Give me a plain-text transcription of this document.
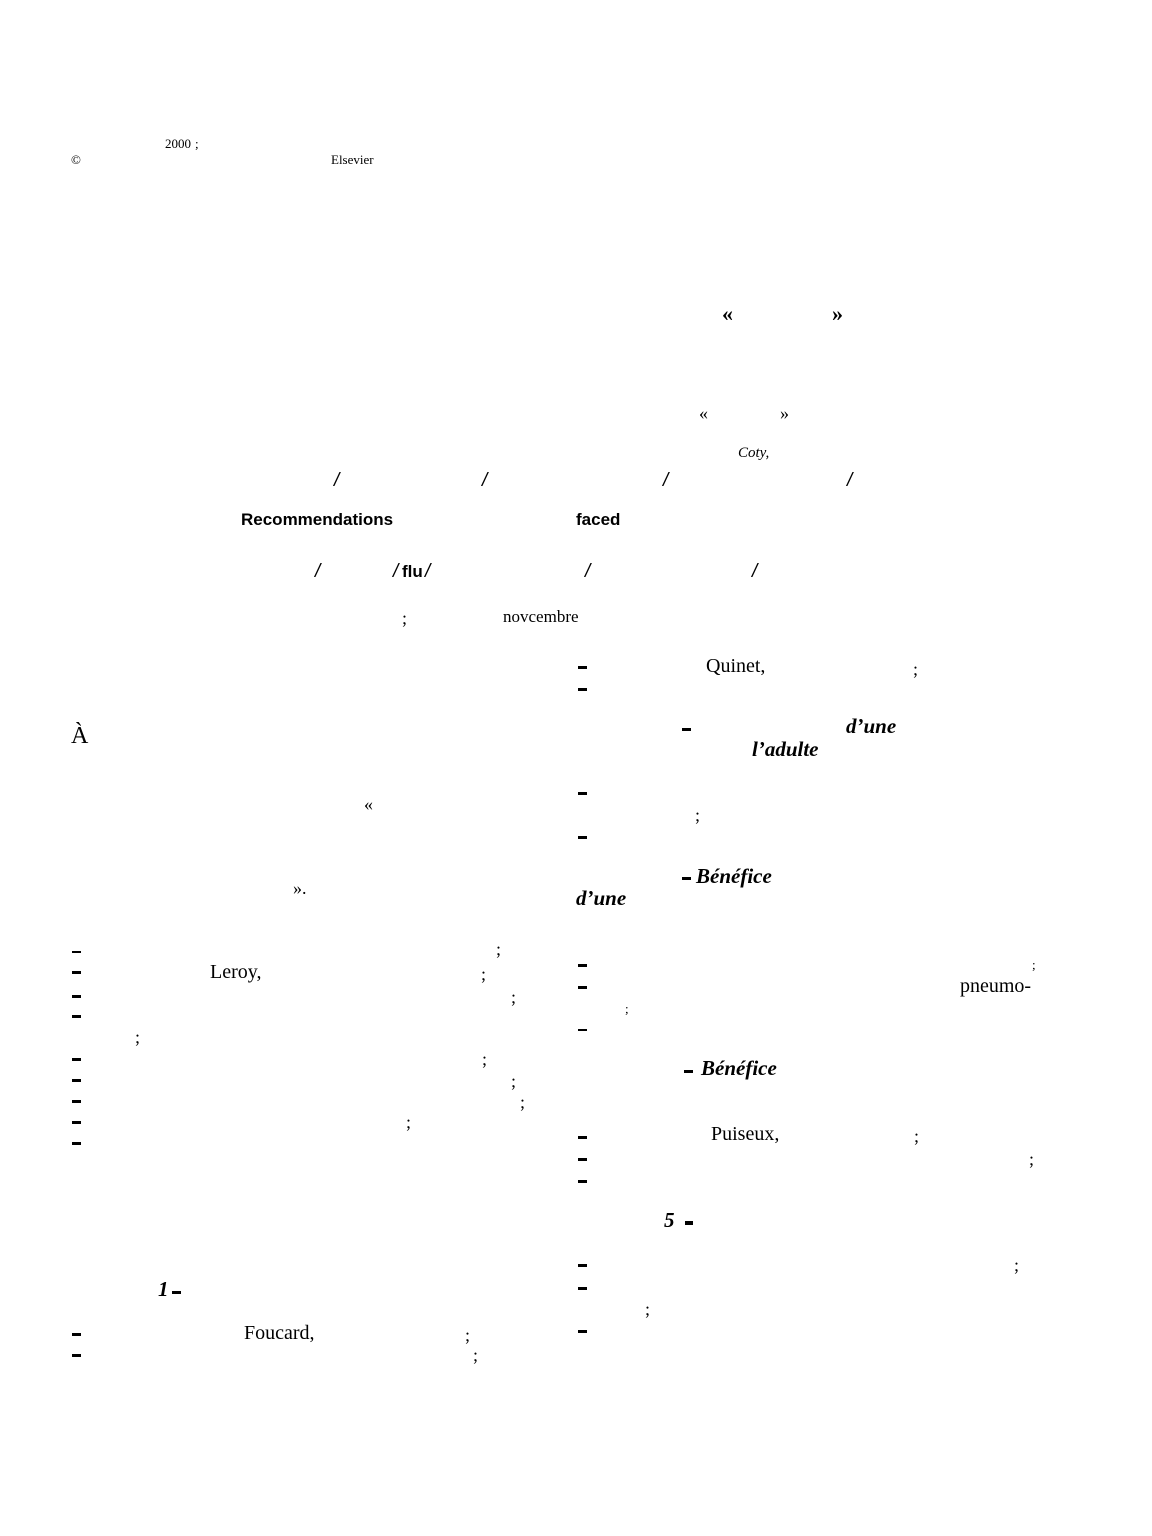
2000 ;
©	Elsevier
«	»
«	»
Coty,
/	/	/	/
Recommendations	faced
/	/ flu /	/	/
;	novcembre
À
«
».
;
Leroy,	;
;
;
;
;
;
;
1
Foucard,	;
;
Quinet,	;
d’une
l’adulte
;
Bénéfice
d’une
;
pneumo-
;
Bénéfice
Puiseux,	;
;
5
;
;
